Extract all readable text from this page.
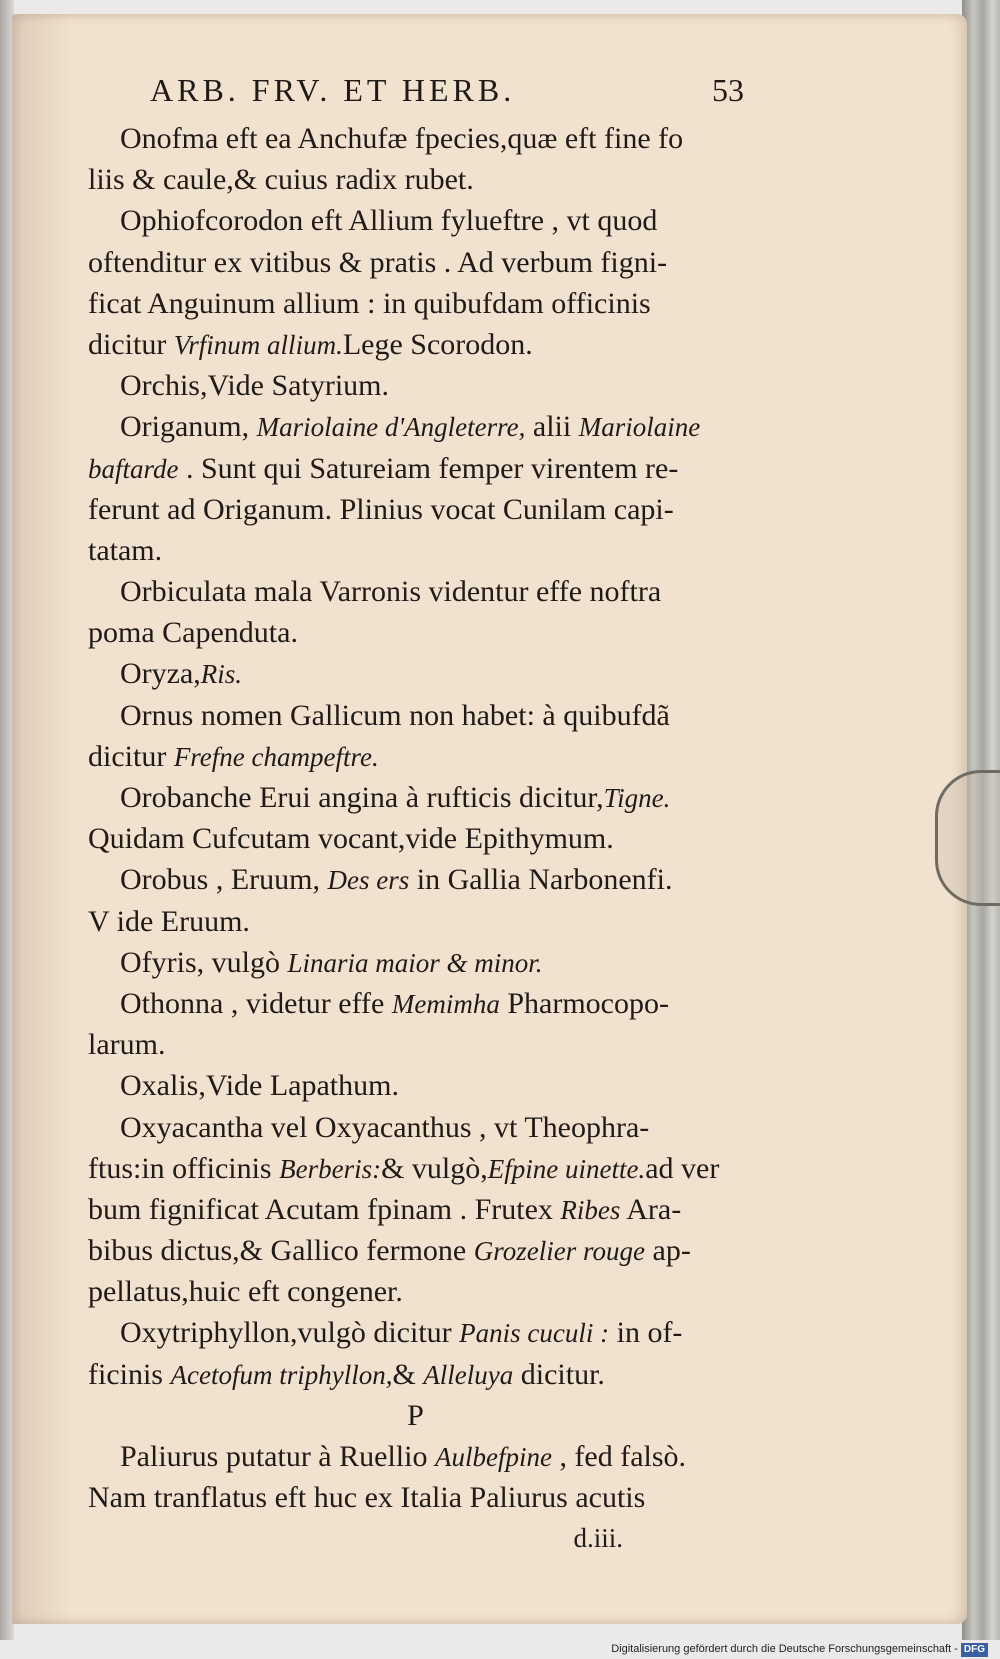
ARB. FRV. ET HERB.	53
Onofma eft ea Anchufæ fpecies,quæ eft fine fo
liis & caule,& cuius radix rubet.
Ophiofcorodon eft Allium fylueftre , vt quod
oftenditur ex vitibus & pratis . Ad verbum figni-
ficat Anguinum allium : in quibufdam officinis
dicitur Vrfinum allium.Lege Scorodon.
Orchis,Vide Satyrium.
Origanum, Mariolaine d'Angleterre, alii Mariolaine
baftarde . Sunt qui Satureiam femper virentem re-
ferunt ad Origanum. Plinius vocat Cunilam capi-
tatam.
Orbiculata mala Varronis videntur effe noftra
poma Capenduta.
Oryza,Ris.
Ornus nomen Gallicum non habet: à quibufdã
dicitur Frefne champeftre.
Orobanche Erui angina à rufticis dicitur,Tigne.
Quidam Cufcutam vocant,vide Epithymum.
Orobus , Eruum, Des ers in Gallia Narbonenfi.
V ide Eruum.
Ofyris, vulgò Linaria maior & minor.
Othonna , videtur effe Memimha Pharmocopo-
larum.
Oxalis,Vide Lapathum.
Oxyacantha vel Oxyacanthus , vt Theophra-
ftus:in officinis Berberis:& vulgò,Efpine uinette.ad ver
bum fignificat Acutam fpinam . Frutex Ribes Ara-
bibus dictus,& Gallico fermone Grozelier rouge ap-
pellatus,huic eft congener.
Oxytriphyllon,vulgò dicitur Panis cuculi : in of-
ficinis Acetofum triphyllon,& Alleluya dicitur.
P
Paliurus putatur à Ruellio Aulbefpine , fed falsò.
Nam tranflatus eft huc ex Italia Paliurus acutis
d.iii.
Digitalisierung gefördert durch die Deutsche Forschungsgemeinschaft - DFG
